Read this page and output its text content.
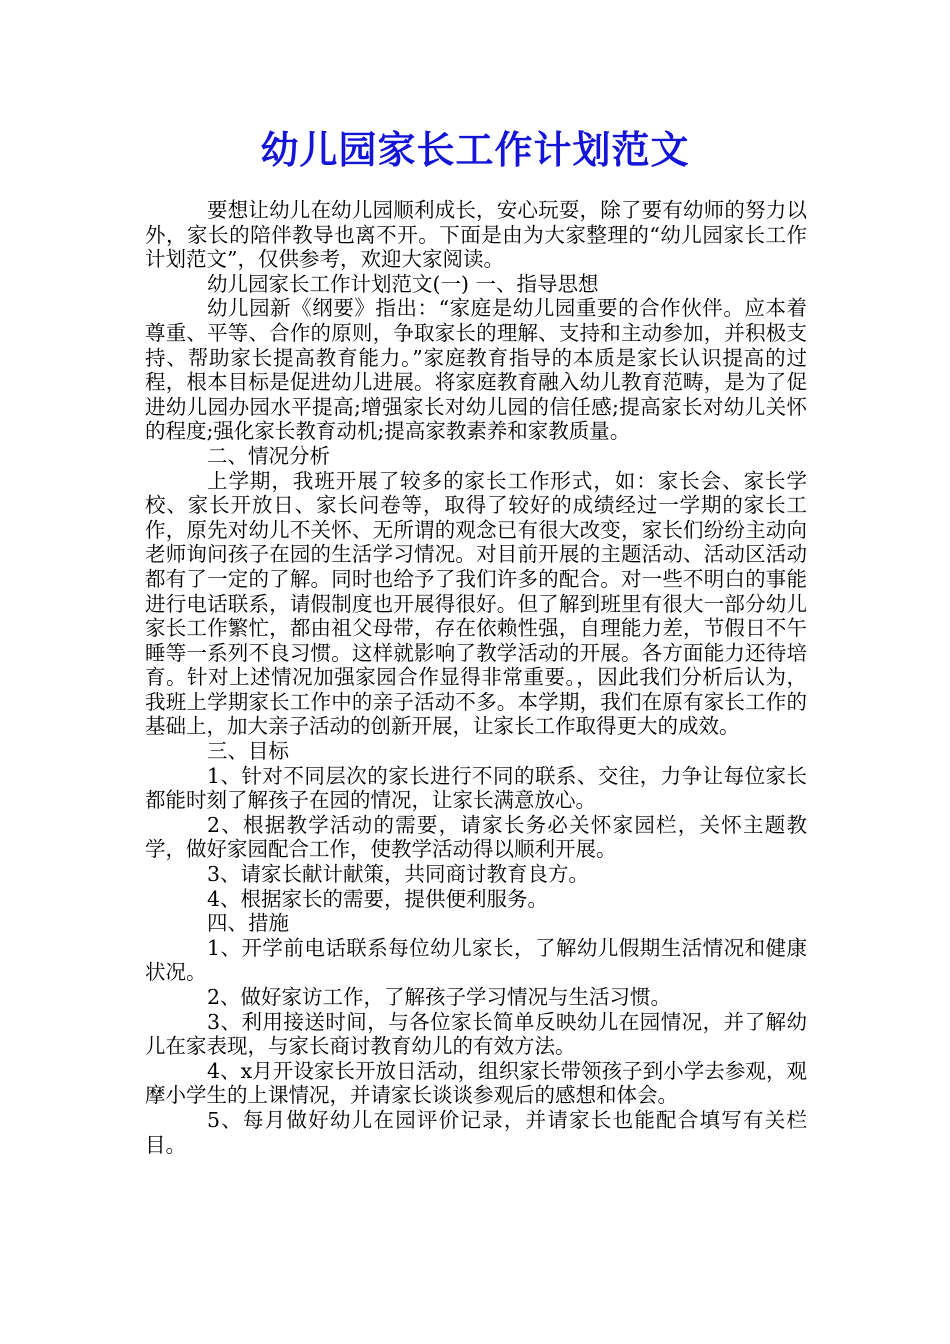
幼儿园家长工作计划范文

要想让幼儿在幼儿园顺利成长，安心玩耍，除了要有幼师的努力以外，家长的陪伴教导也离不开。下面是由为大家整理的“幼儿园家长工作计划范文”，仅供参考，欢迎大家阅读。

幼儿园家长工作计划范文(一) 一、指导思想

幼儿园新《纲要》指出：“家庭是幼儿园重要的合作伙伴。应本着尊重、平等、合作的原则，争取家长的理解、支持和主动参加，并积极支持、帮助家长提高教育能力。”家庭教育指导的本质是家长认识提高的过程，根本目标是促进幼儿进展。将家庭教育融入幼儿教育范畴，是为了促进幼儿园办园水平提高;增强家长对幼儿园的信任感;提高家长对幼儿关怀的程度;强化家长教育动机;提高家教素养和家教质量。

二、情况分析

上学期，我班开展了较多的家长工作形式，如：家长会、家长学校、家长开放日、家长问卷等，取得了较好的成绩经过一学期的家长工作，原先对幼儿不关怀、无所谓的观念已有很大改变，家长们纷纷主动向老师询问孩子在园的生活学习情况。对目前开展的主题活动、活动区活动都有了一定的了解。同时也给予了我们许多的配合。对一些不明白的事能进行电话联系，请假制度也开展得很好。但了解到班里有很大一部分幼儿家长工作繁忙，都由祖父母带，存在依赖性强，自理能力差，节假日不午睡等一系列不良习惯。这样就影响了教学活动的开展。各方面能力还待培育。针对上述情况加强家园合作显得非常重要。，因此我们分析后认为，我班上学期家长工作中的亲子活动不多。本学期，我们在原有家长工作的基础上，加大亲子活动的创新开展，让家长工作取得更大的成效。

三、目标

1、针对不同层次的家长进行不同的联系、交往，力争让每位家长都能时刻了解孩子在园的情况，让家长满意放心。

2、根据教学活动的需要，请家长务必关怀家园栏，关怀主题教学，做好家园配合工作，使教学活动得以顺利开展。

3、请家长献计献策，共同商讨教育良方。

4、根据家长的需要，提供便利服务。

四、措施

1、开学前电话联系每位幼儿家长，了解幼儿假期生活情况和健康状况。

2、做好家访工作，了解孩子学习情况与生活习惯。

3、利用接送时间，与各位家长简单反映幼儿在园情况，并了解幼儿在家表现，与家长商讨教育幼儿的有效方法。

4、x月开设家长开放日活动，组织家长带领孩子到小学去参观，观摩小学生的上课情况，并请家长谈谈参观后的感想和体会。

5、每月做好幼儿在园评价记录，并请家长也能配合填写有关栏目。
